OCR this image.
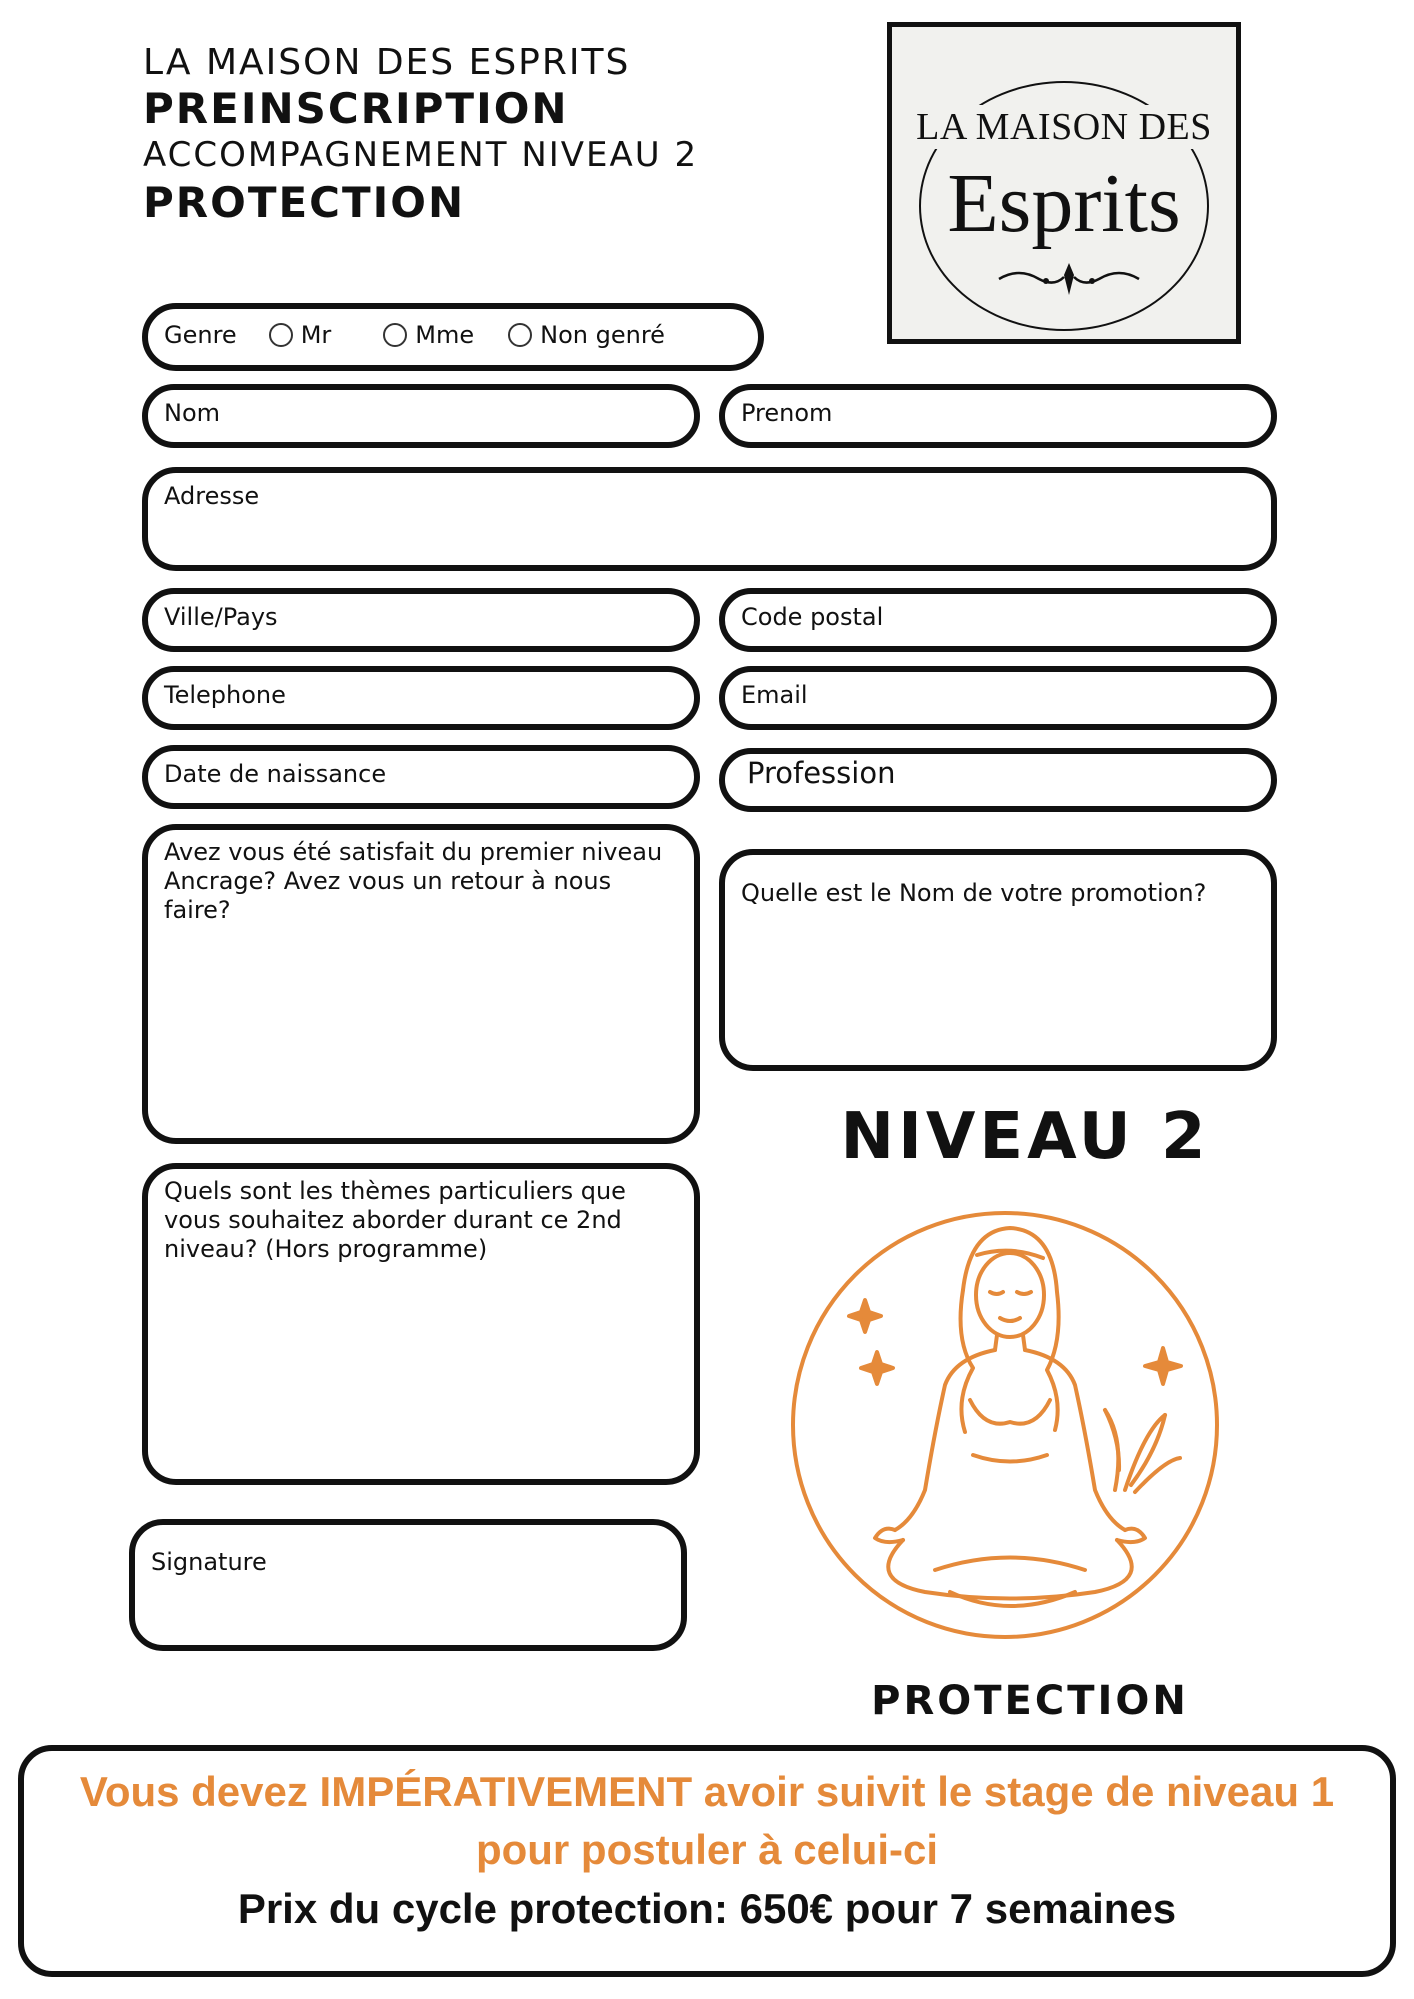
LA MAISON DES ESPRITS
PREINSCRIPTION
ACCOMPAGNEMENT NIVEAU 2
PROTECTION
LA MAISON DES
Esprits
Genre	Mr	Mme	Non genré
Nom	Prenom
Adresse
Ville/Pays	Code postal
Telephone	Email
Date de naissance	Profession
Avez vous été satisfait du premier niveau Ancrage? Avez vous un retour à nous faire?
Quelle est le Nom de votre promotion?
Quels sont les thèmes particuliers que vous souhaitez aborder durant ce 2nd niveau? (Hors programme)
Signature
NIVEAU 2
PROTECTION
Vous devez IMPÉRATIVEMENT avoir suivit le stage de niveau 1 pour postuler à celui-ci
Prix du cycle protection: 650€ pour 7 semaines
